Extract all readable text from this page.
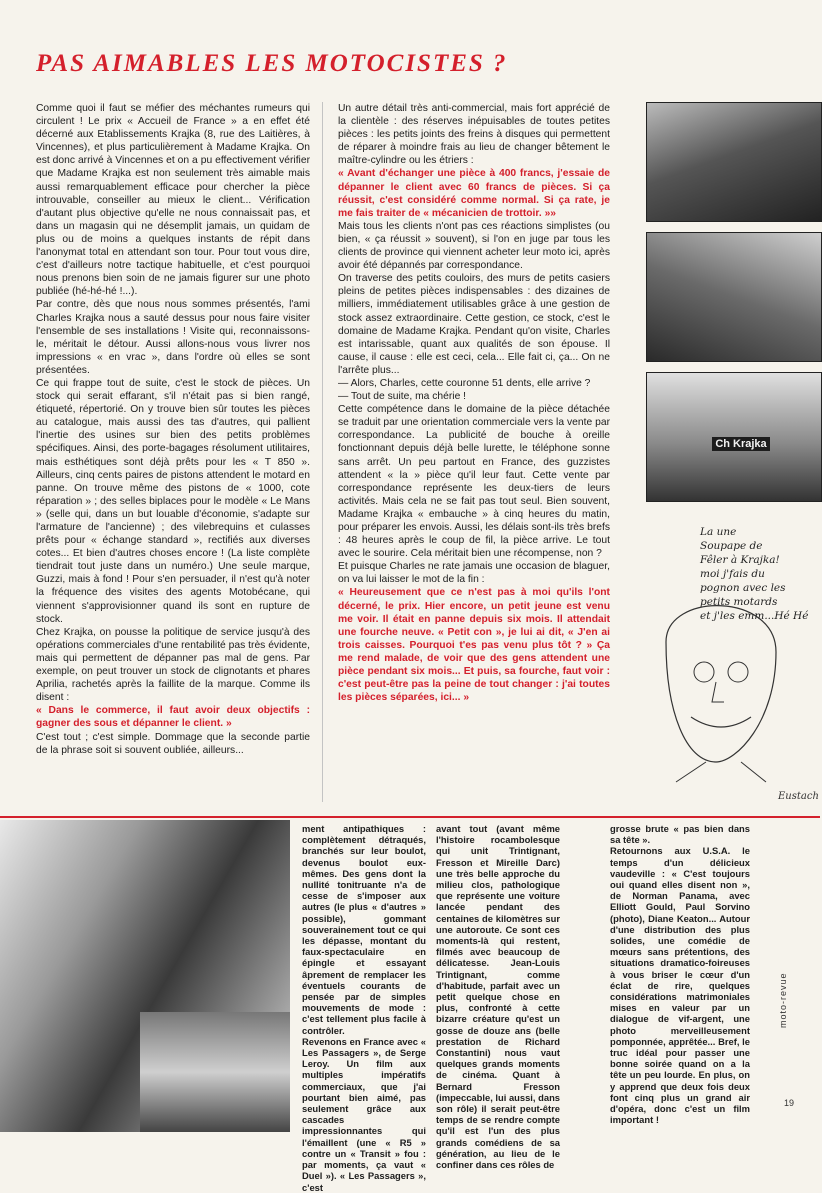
PAS AIMABLES LES MOTOCISTES ?

Comme quoi il faut se méfier des méchantes rumeurs qui circulent ! Le prix « Accueil de France » a en effet été décerné aux Etablissements Krajka (8, rue des Laitières, à Vincennes), et plus particulièrement à Madame Krajka. On est donc arrivé à Vincennes et on a pu effectivement vérifier que Madame Krajka est non seulement très aimable mais aussi remarquablement efficace pour chercher la pièce introuvable, conseiller au mieux le client... Vérification d'autant plus objective qu'elle ne nous connaissait pas, et dans un magasin qui ne désemplit jamais, un quidam de plus ou de moins a quelques instants de répit dans l'anonymat total en attendant son tour. Pour tout vous dire, c'est d'ailleurs notre tactique habituelle, et c'est pourquoi nous prenons bien soin de ne jamais figurer sur une photo publiée (hé-hé-hé !...).

Par contre, dès que nous nous sommes présentés, l'ami Charles Krajka nous a sauté dessus pour nous faire visiter l'ensemble de ses installations ! Visite qui, reconnaissons-le, méritait le détour. Aussi allons-nous vous livrer nos impressions « en vrac », dans l'ordre où elles se sont présentées.

Ce qui frappe tout de suite, c'est le stock de pièces. Un stock qui serait effarant, s'il n'était pas si bien rangé, étiqueté, répertorié. On y trouve bien sûr toutes les pièces au catalogue, mais aussi des tas d'autres, qui pallient l'inertie des usines sur bien des petits problèmes spécifiques. Ainsi, des porte-bagages résolument utilitaires, mais esthétiques sont déjà prêts pour les « T 850 ». Ailleurs, cinq cents paires de pistons attendent le motard en panne. On trouve même des pistons de « 1000, cote réparation » ; des selles biplaces pour le modèle « Le Mans » (selle qui, dans un but louable d'économie, s'adapte sur l'armature de l'ancienne) ; des vilebrequins et culasses prêts pour « échange standard », rectifiés aux diverses cotes... Et bien d'autres choses encore ! (La liste complète tiendrait tout juste dans un numéro.) Une seule marque, Guzzi, mais à fond ! Pour s'en persuader, il n'est qu'à noter la fréquence des visites des agents Motobécane, qui viennent s'approvisionner quand ils sont en rupture de stock.

Chez Krajka, on pousse la politique de service jusqu'à des opérations commerciales d'une rentabilité pas très évidente, mais qui permettent de dépanner pas mal de gens. Par exemple, on peut trouver un stock de clignotants et phares Aprilia, rachetés après la faillite de la marque. Comme ils disent :

« Dans le commerce, il faut avoir deux objectifs : gagner des sous et dépanner le client. »

C'est tout ; c'est simple. Dommage que la seconde partie de la phrase soit si souvent oubliée, ailleurs...

Un autre détail très anti-commercial, mais fort apprécié de la clientèle : des réserves inépuisables de toutes petites pièces : les petits joints des freins à disques qui permettent de réparer à moindre frais au lieu de changer bêtement le maître-cylindre ou les étriers :

« Avant d'échanger une pièce à 400 francs, j'essaie de dépanner le client avec 60 francs de pièces. Si ça réussit, c'est considéré comme normal. Si ça rate, je me fais traiter de « mécanicien de trottoir. »»

Mais tous les clients n'ont pas ces réactions simplistes (ou bien, « ça réussit » souvent), si l'on en juge par tous les clients de province qui viennent acheter leur moto ici, après avoir été dépannés par correspondance.

On traverse des petits couloirs, des murs de petits casiers pleins de petites pièces indispensables : des dizaines de milliers, immédiatement utilisables grâce à une gestion de stock assez extraordinaire. Cette gestion, ce stock, c'est le domaine de Madame Krajka. Pendant qu'on visite, Charles est intarissable, quant aux qualités de son épouse. Il cause, il cause : elle est ceci, cela... Elle fait ci, ça... On ne l'arrête plus...

— Alors, Charles, cette couronne 51 dents, elle arrive ?

— Tout de suite, ma chérie !

Cette compétence dans le domaine de la pièce détachée se traduit par une orientation commerciale vers la vente par correspondance. La publicité de bouche à oreille fonctionnant depuis déjà belle lurette, le téléphone sonne sans arrêt. Un peu partout en France, des guzzistes attendent « la » pièce qu'il leur faut. Cette vente par correspondance représente les deux-tiers de leurs activités. Mais cela ne se fait pas tout seul. Bien souvent, Madame Krajka « embauche » à cinq heures du matin, pour préparer les envois. Aussi, les délais sont-ils très brefs : 48 heures après le coup de fil, la pièce arrive. Le tout avec le sourire. Cela méritait bien une récompense, non ?

Et puisque Charles ne rate jamais une occasion de blaguer, on va lui laisser le mot de la fin :

« Heureusement que ce n'est pas à moi qu'ils l'ont décerné, le prix. Hier encore, un petit jeune est venu me voir. Il était en panne depuis six mois. Il attendait une fourche neuve. « Petit con », je lui ai dit, « J'en ai trois caisses. Pourquoi t'es pas venu plus tôt ? » Ça me rend malade, de voir que des gens attendent une pièce pendant six mois... Et puis, sa fourche, faut voir : c'est peut-être pas la peine de tout changer : j'ai toutes les pièces séparées, ici... »

Ch Krajka

La une

Soupape de

Fêler à Krajka!

moi j'fais du

pognon avec les

petits motards

et j'les emm...Hé Hé

Eustach

ment antipathiques : complètement détraqués, branchés sur leur boulot, devenus boulot eux-mêmes. Des gens dont la nullité tonitruante n'a de cesse de s'imposer aux autres (le plus « d'autres » possible), gommant souverainement tout ce qui les dépasse, montant du faux-spectaculaire en épingle et essayant âprement de remplacer les éventuels courants de pensée par de simples mouvements de mode : c'est tellement plus facile à contrôler.

Revenons en France avec « Les Passagers », de Serge Leroy. Un film aux multiples impératifs commerciaux, que j'ai pourtant bien aimé, pas seulement grâce aux cascades impressionnantes qui l'émaillent (une « R5 » contre un « Transit » fou : par moments, ça vaut « Duel »). « Les Passagers », c'est

avant tout (avant même l'histoire rocambolesque qui unit Trintignant, Fresson et Mireille Darc) une très belle approche du milieu clos, pathologique que représente une voiture lancée pendant des centaines de kilomètres sur une autoroute. Ce sont ces moments-là qui restent, filmés avec beaucoup de délicatesse. Jean-Louis Trintignant, comme d'habitude, parfait avec un petit quelque chose en plus, confronté à cette bizarre créature qu'est un gosse de douze ans (belle prestation de Richard Constantini) nous vaut quelques grands moments de cinéma. Quant à Bernard Fresson (impeccable, lui aussi, dans son rôle) il serait peut-être temps de se rendre compte qu'il est l'un des plus grands comédiens de sa génération, au lieu de le confiner dans ces rôles de

grosse brute « pas bien dans sa tête ».

Retournons aux U.S.A. le temps d'un délicieux vaudeville : « C'est toujours oui quand elles disent non », de Norman Panama, avec Elliott Gould, Paul Sorvino (photo), Diane Keaton... Autour d'une distribution des plus solides, une comédie de mœurs sans prétentions, des situations dramatico-foireuses à vous briser le cœur d'un éclat de rire, quelques considérations matrimoniales mises en valeur par un dialogue de vif-argent, une photo merveilleusement pomponnée, apprêtée... Bref, le truc idéal pour passer une bonne soirée quand on a la tête un peu lourde. En plus, on y apprend que deux fois deux font cinq plus un grand air d'opéra, donc c'est un film important !

moto-revue
19
